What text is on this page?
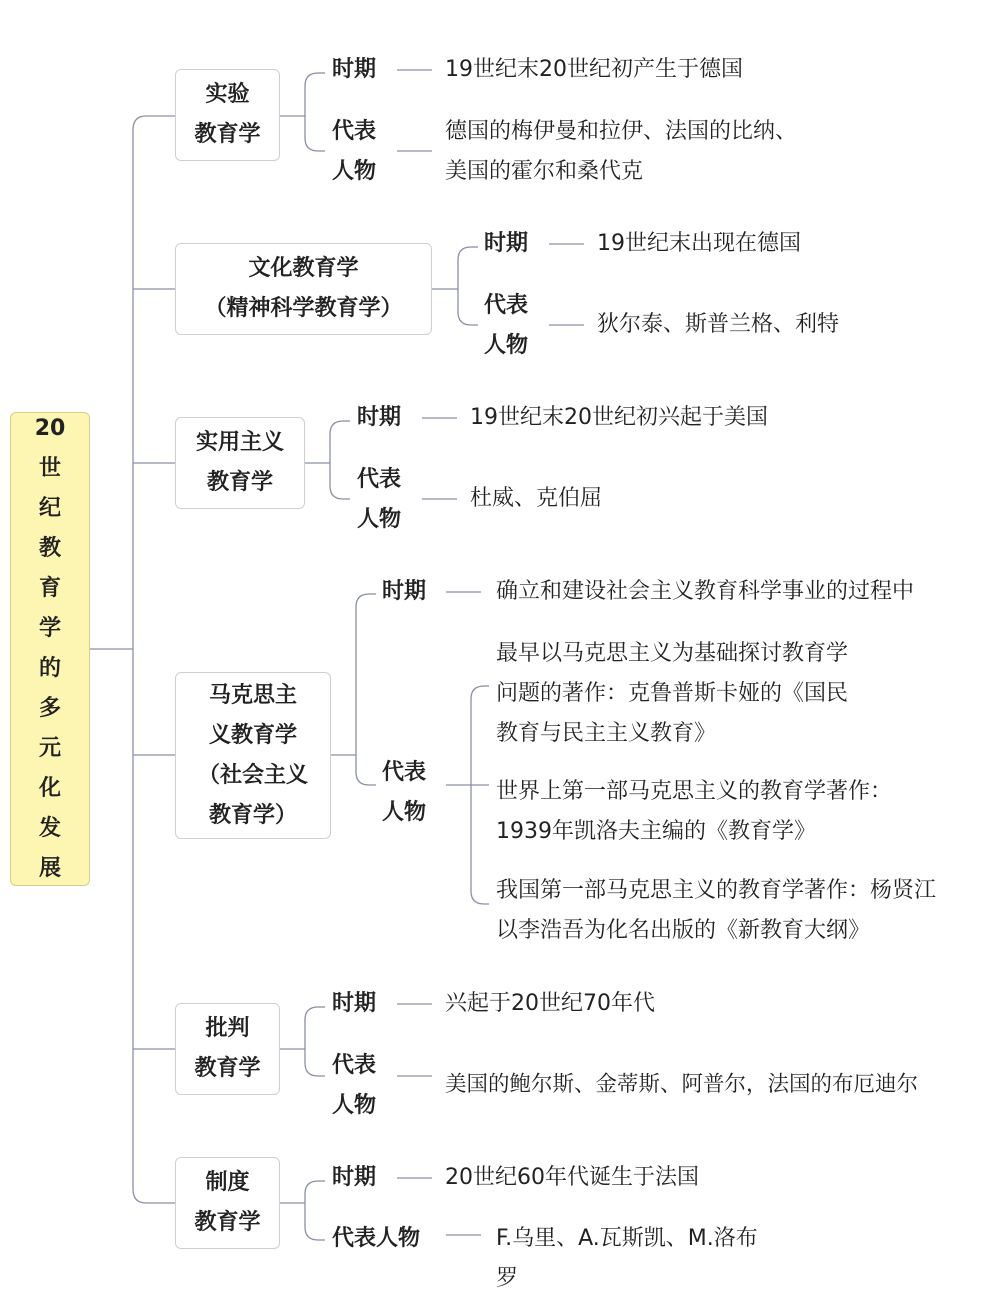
20
世
纪
教
育
学
的
多
元
化
发
展
实验
教育学
时期	19世纪末20世纪初产生于德国
代表
人物
德国的梅伊曼和拉伊、法国的比纳、
美国的霍尔和桑代克
文化教育学
（精神科学教育学）
时期	19世纪末出现在德国
代表
人物
狄尔泰、斯普兰格、利特
实用主义
教育学
时期	19世纪末20世纪初兴起于美国
代表
人物
杜威、克伯屈
马克思主
义教育学
（社会主义
教育学）
时期	确立和建设社会主义教育科学事业的过程中
代表
人物
最早以马克思主义为基础探讨教育学
问题的著作：克鲁普斯卡娅的《国民
教育与民主主义教育》
世界上第一部马克思主义的教育学著作：
1939年凯洛夫主编的《教育学》
我国第一部马克思主义的教育学著作：杨贤江
以李浩吾为化名出版的《新教育大纲》
批判
教育学
时期	兴起于20世纪70年代
代表
人物
美国的鲍尔斯、金蒂斯、阿普尔，法国的布厄迪尔
制度
教育学
时期	20世纪60年代诞生于法国
代表人物	F.乌里、A.瓦斯凯、M.洛布
罗
